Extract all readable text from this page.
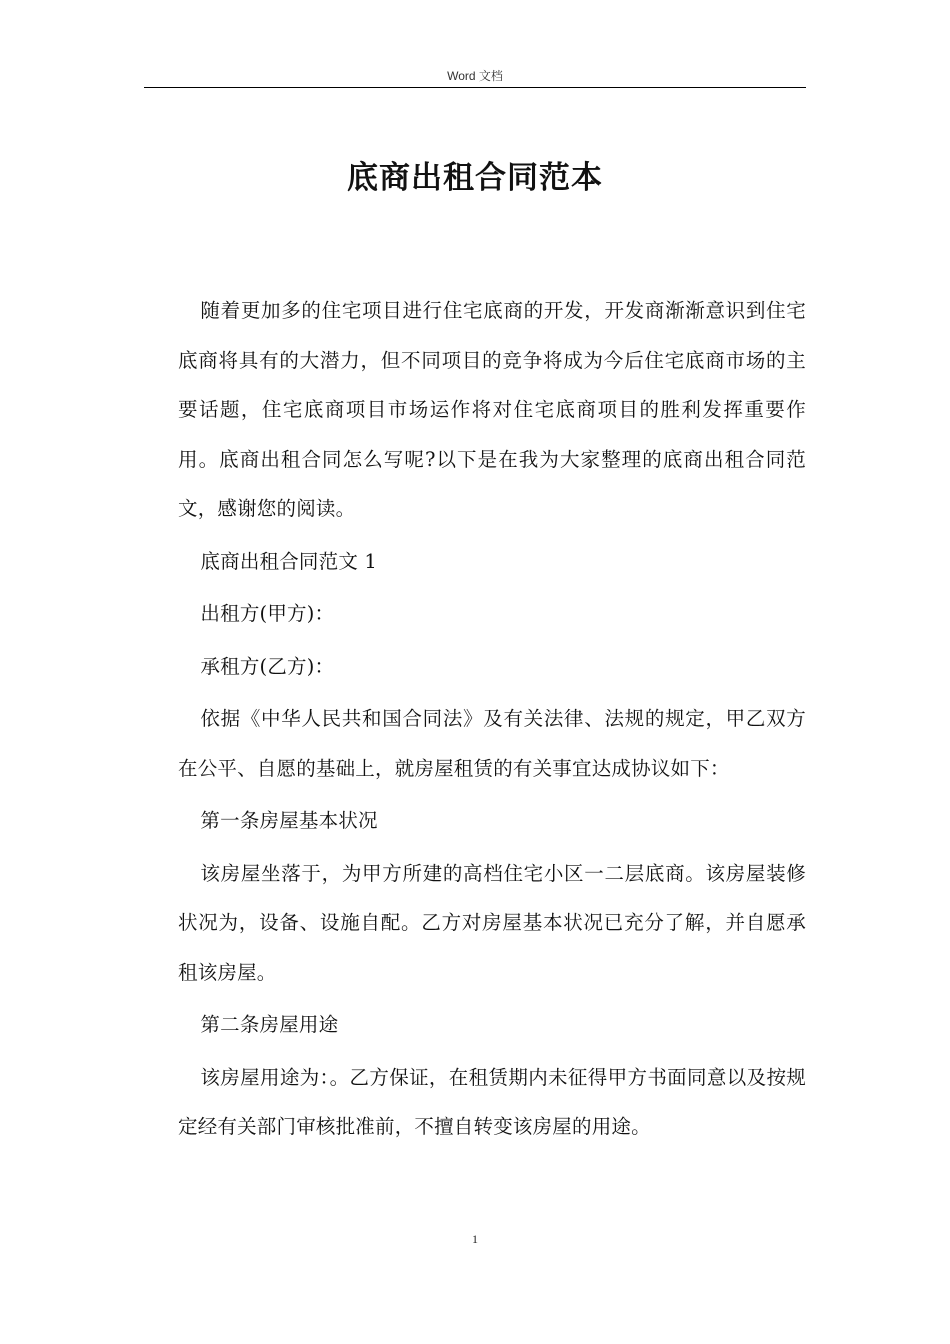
Word 文档
底商出租合同范本

随着更加多的住宅项目进行住宅底商的开发，开发商渐渐意识到住宅底商将具有的大潜力，但不同项目的竞争将成为今后住宅底商市场的主要话题，住宅底商项目市场运作将对住宅底商项目的胜利发挥重要作用。底商出租合同怎么写呢?以下是在我为大家整理的底商出租合同范文，感谢您的阅读。

底商出租合同范文 1

出租方(甲方)：

承租方(乙方)：

依据《中华人民共和国合同法》及有关法律、法规的规定，甲乙双方在公平、自愿的基础上，就房屋租赁的有关事宜达成协议如下：

第一条房屋基本状况

该房屋坐落于，为甲方所建的高档住宅小区一二层底商。该房屋装修状况为，设备、设施自配。乙方对房屋基本状况已充分了解，并自愿承租该房屋。

第二条房屋用途

该房屋用途为：。乙方保证，在租赁期内未征得甲方书面同意以及按规定经有关部门审核批准前，不擅自转变该房屋的用途。

1
